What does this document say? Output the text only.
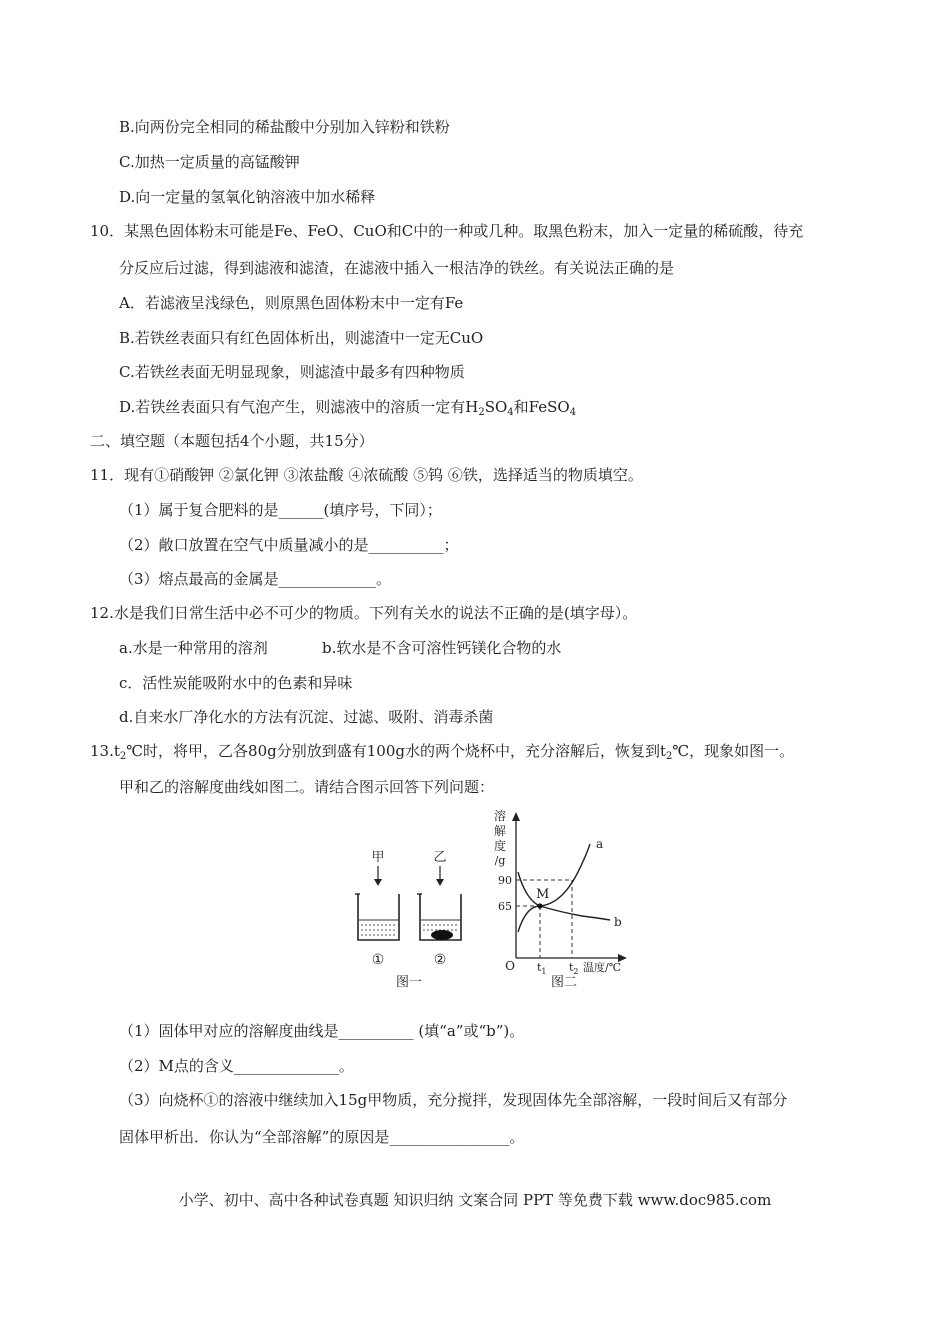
B.向两份完全相同的稀盐酸中分别加入锌粉和铁粉
C.加热一定质量的高锰酸钾
D.向一定量的氢氧化钠溶液中加水稀释
10．某黑色固体粉末可能是Fe、FeO、CuO和C中的一种或几种。取黑色粉末，加入一定量的稀硫酸，待充
分反应后过滤，得到滤液和滤渣，在滤液中插入一根洁净的铁丝。有关说法正确的是
A．若滤液呈浅绿色，则原黑色固体粉末中一定有Fe
B.若铁丝表面只有红色固体析出，则滤渣中一定无CuO
C.若铁丝表面无明显现象，则滤渣中最多有四种物质
D.若铁丝表面只有气泡产生，则滤液中的溶质一定有$H_2SO_4$和FeSO$_4$
二、填空题（本题包括4个小题，共15分）
11．现有①硝酸钾 ②氯化钾 ③浓盐酸 ④浓硫酸 ⑤钨 ⑥铁，选择适当的物质填空。
（1）属于复合肥料的是______(填序号，下同）；
（2）敞口放置在空气中质量减小的是__________；
（3）熔点最高的金属是_____________。
12.水是我们日常生活中必不可少的物质。下列有关水的说法不正确的是(填字母）。
a.水是一种常用的溶剂	b.软水是不含可溶性钙镁化合物的水
c．活性炭能吸附水中的色素和异味
d.自来水厂净化水的方法有沉淀、过滤、吸附、消毒杀菌
$13.t_2℃$时，将甲，乙各80g分别放到盛有100g水的两个烧杯中，充分溶解后，恢复到$t_2℃$，现象如图一。
甲和乙的溶解度曲线如图二。请结合图示回答下列问题：
甲
①
乙
②
图一
溶
解
度
/g
M
a
b
90
65
O $t_1$ $t_2$ 温度/℃
图二
（1）固体甲对应的溶解度曲线是__________ (填“a”或“b”)。
（2）M点的含义______________。
（3）向烧杯①的溶液中继续加入15g甲物质，充分搅拌，发现固体先全部溶解，一段时间后又有部分
固体甲析出．你认为“全部溶解”的原因是________________。
小学、初中、高中各种试卷真题 知识归纳 文案合同 PPT 等免费下载 www.doc985.com
